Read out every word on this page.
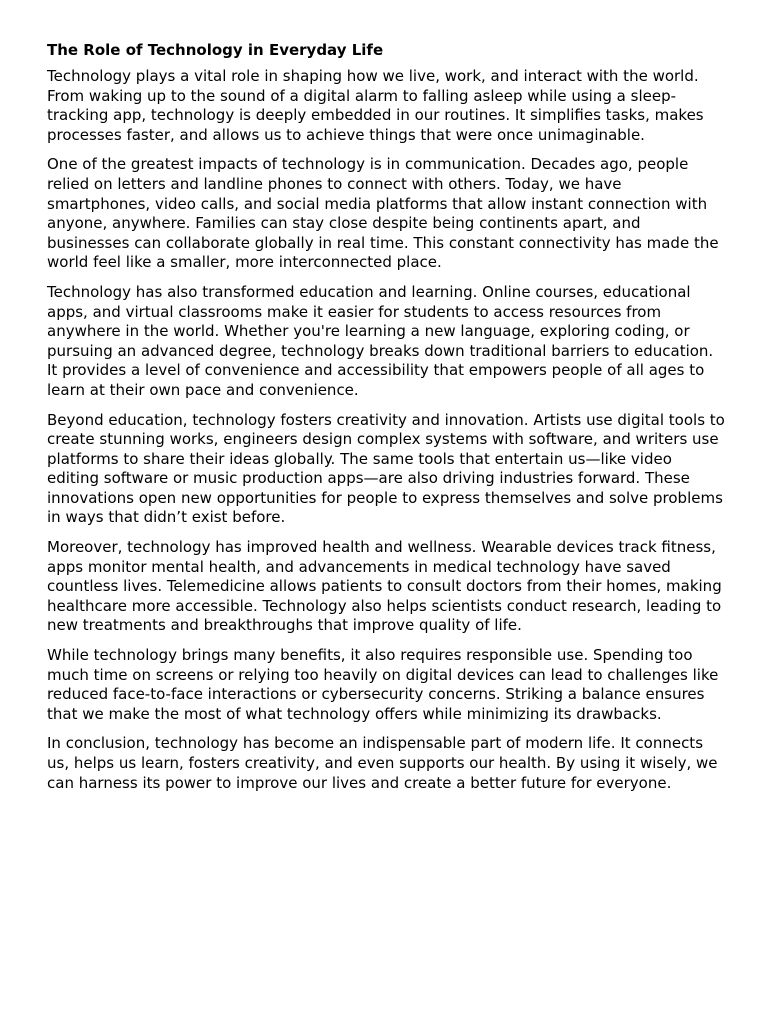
The Role of Technology in Everyday Life

Technology plays a vital role in shaping how we live, work, and interact with the world. From waking up to the sound of a digital alarm to falling asleep while using a sleep-tracking app, technology is deeply embedded in our routines. It simplifies tasks, makes processes faster, and allows us to achieve things that were once unimaginable.

One of the greatest impacts of technology is in communication. Decades ago, people relied on letters and landline phones to connect with others. Today, we have smartphones, video calls, and social media platforms that allow instant connection with anyone, anywhere. Families can stay close despite being continents apart, and businesses can collaborate globally in real time. This constant connectivity has made the world feel like a smaller, more interconnected place.

Technology has also transformed education and learning. Online courses, educational apps, and virtual classrooms make it easier for students to access resources from anywhere in the world. Whether you're learning a new language, exploring coding, or pursuing an advanced degree, technology breaks down traditional barriers to education. It provides a level of convenience and accessibility that empowers people of all ages to learn at their own pace and convenience.

Beyond education, technology fosters creativity and innovation. Artists use digital tools to create stunning works, engineers design complex systems with software, and writers use platforms to share their ideas globally. The same tools that entertain us—like video editing software or music production apps—are also driving industries forward. These innovations open new opportunities for people to express themselves and solve problems in ways that didn’t exist before.

Moreover, technology has improved health and wellness. Wearable devices track fitness, apps monitor mental health, and advancements in medical technology have saved countless lives. Telemedicine allows patients to consult doctors from their homes, making healthcare more accessible. Technology also helps scientists conduct research, leading to new treatments and breakthroughs that improve quality of life.

While technology brings many benefits, it also requires responsible use. Spending too much time on screens or relying too heavily on digital devices can lead to challenges like reduced face-to-face interactions or cybersecurity concerns. Striking a balance ensures that we make the most of what technology offers while minimizing its drawbacks.

In conclusion, technology has become an indispensable part of modern life. It connects us, helps us learn, fosters creativity, and even supports our health. By using it wisely, we can harness its power to improve our lives and create a better future for everyone.
